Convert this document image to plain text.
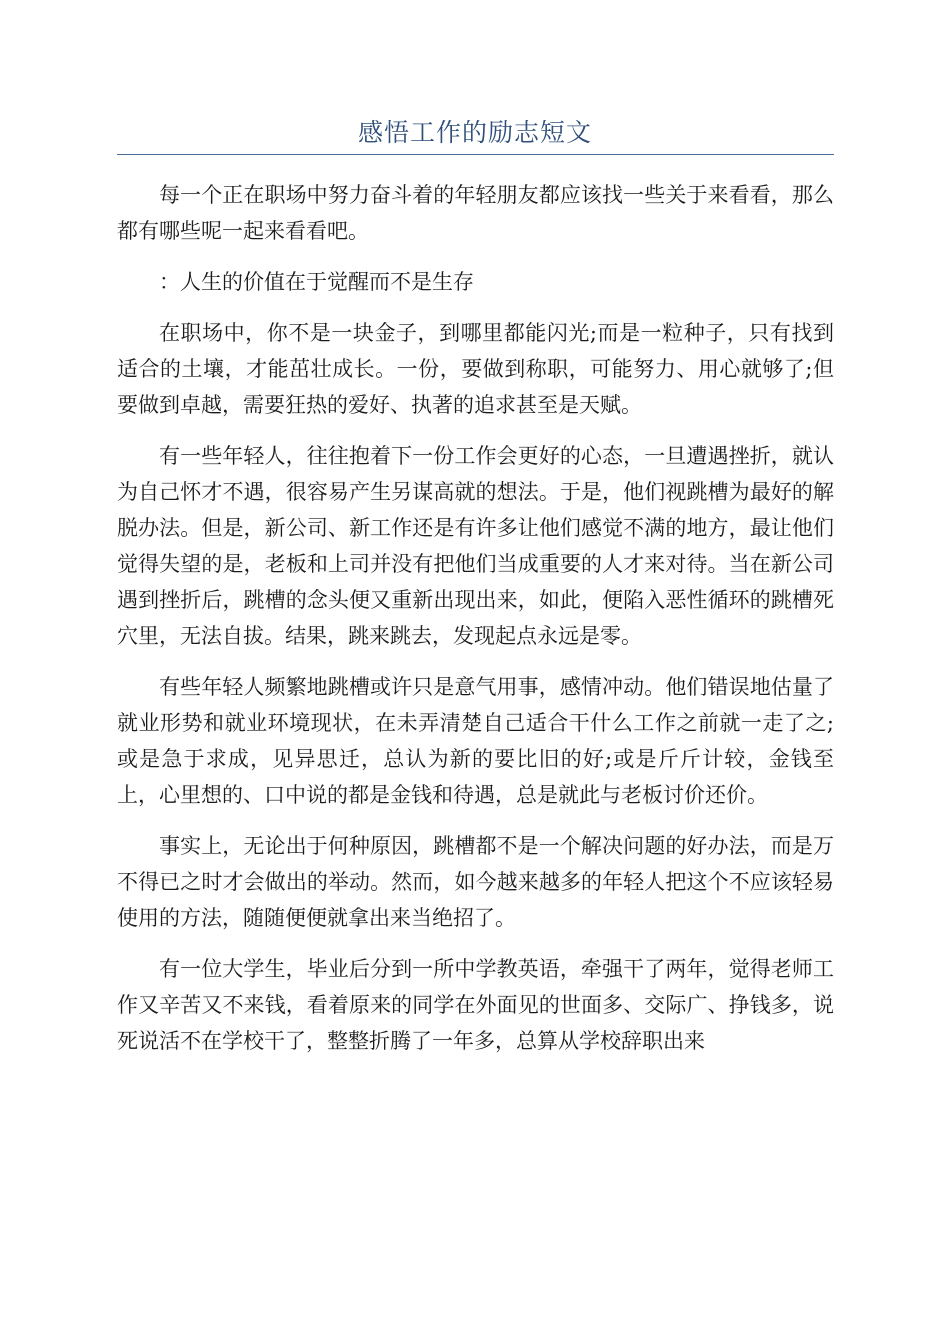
感悟工作的励志短文

每一个正在职场中努力奋斗着的年轻朋友都应该找一些关于来看看，那么都有哪些呢一起来看看吧。

：人生的价值在于觉醒而不是生存

在职场中，你不是一块金子，到哪里都能闪光;而是一粒种子，只有找到适合的土壤，才能茁壮成长。一份，要做到称职，可能努力、用心就够了;但要做到卓越，需要狂热的爱好、执著的追求甚至是天赋。

有一些年轻人，往往抱着下一份工作会更好的心态，一旦遭遇挫折，就认为自己怀才不遇，很容易产生另谋高就的想法。于是，他们视跳槽为最好的解脱办法。但是，新公司、新工作还是有许多让他们感觉不满的地方，最让他们觉得失望的是，老板和上司并没有把他们当成重要的人才来对待。当在新公司遇到挫折后，跳槽的念头便又重新出现出来，如此，便陷入恶性循环的跳槽死穴里，无法自拔。结果，跳来跳去，发现起点永远是零。

有些年轻人频繁地跳槽或许只是意气用事，感情冲动。他们错误地估量了就业形势和就业环境现状，在未弄清楚自己适合干什么工作之前就一走了之;或是急于求成，见异思迁，总认为新的要比旧的好;或是斤斤计较，金钱至上，心里想的、口中说的都是金钱和待遇，总是就此与老板讨价还价。

事实上，无论出于何种原因，跳槽都不是一个解决问题的好办法，而是万不得已之时才会做出的举动。然而，如今越来越多的年轻人把这个不应该轻易使用的方法，随随便便就拿出来当绝招了。

有一位大学生，毕业后分到一所中学教英语，牵强干了两年，觉得老师工作又辛苦又不来钱，看着原来的同学在外面见的世面多、交际广、挣钱多，说死说活不在学校干了，整整折腾了一年多，总算从学校辞职出来
